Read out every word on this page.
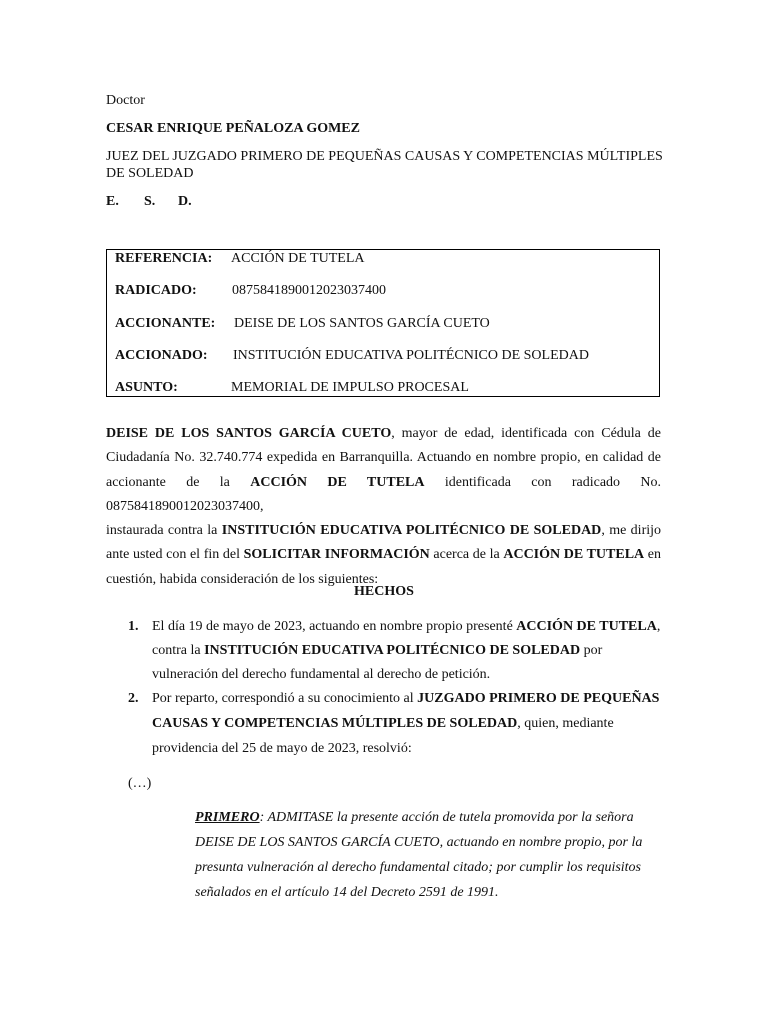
Doctor
CESAR ENRIQUE PEÑALOZA GOMEZ
JUEZ DEL JUZGADO PRIMERO DE PEQUEÑAS CAUSAS Y COMPETENCIAS MÚLTIPLES
DE SOLEDAD
E. S. D.
REFERENCIA: ACCIÓN DE TUTELA
RADICADO:	0875841890012023037400
ACCIONANTE: DEISE DE LOS SANTOS GARCÍA CUETO
ACCIONADO: INSTITUCIÓN EDUCATIVA POLITÉCNICO DE SOLEDAD
ASUNTO:	MEMORIAL DE IMPULSO PROCESAL
DEISE DE LOS SANTOS GARCÍA CUETO, mayor de edad, identificada con Cédula de
Ciudadanía No. 32.740.774 expedida en Barranquilla. Actuando en nombre propio, en calidad de
accionante de la ACCIÓN DE TUTELA identificada con radicado No. 0875841890012023037400,
instaurada contra la INSTITUCIÓN EDUCATIVA POLITÉCNICO DE SOLEDAD, me dirijo
ante usted con el fin del SOLICITAR INFORMACIÓN acerca de la ACCIÓN DE TUTELA en
cuestión, habida consideración de los siguientes:
HECHOS
1. El día 19 de mayo de 2023, actuando en nombre propio presenté ACCIÓN DE TUTELA,
contra la INSTITUCIÓN EDUCATIVA POLITÉCNICO DE SOLEDAD por
vulneración del derecho fundamental al derecho de petición.
2. Por reparto, correspondió a su conocimiento al JUZGADO PRIMERO DE PEQUEÑAS
CAUSAS Y COMPETENCIAS MÚLTIPLES DE SOLEDAD, quien, mediante
providencia del 25 de mayo de 2023, resolvió:
(…)
PRIMERO: ADMITASE la presente acción de tutela promovida por la señora
DEISE DE LOS SANTOS GARCÍA CUETO, actuando en nombre propio, por la
presunta vulneración al derecho fundamental citado; por cumplir los requisitos
señalados en el artículo 14 del Decreto 2591 de 1991.
